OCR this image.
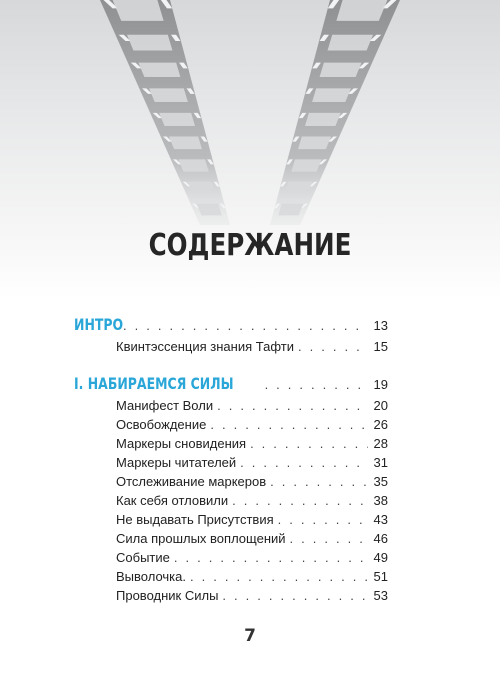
СОДЕРЖАНИЕ
ИНТРО . . .	13
Квинтэссенция знания Тафти . . .	15
I. НАБИРАЕМСЯ СИЛЫ . . .	19
Манифест Воли . . .	20
Освобождение . . .	26
Маркеры сновидения . . .	28
Маркеры читателей . . .	31
Отслеживание маркеров . . .	35
Как себя отловили . . .	38
Не выдавать Присутствия . . .	43
Сила прошлых воплощений . . .	46
Событие . . .	49
Выволочка. . . .	51
Проводник Силы . . .	53
7
